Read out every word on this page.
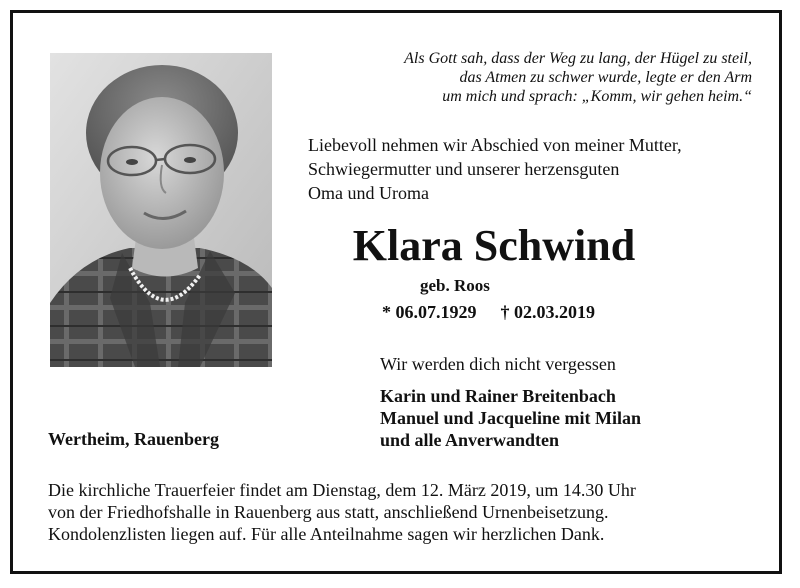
Als Gott sah, dass der Weg zu lang, der Hügel zu steil,
das Atmen zu schwer wurde, legte er den Arm
um mich und sprach: „Komm, wir gehen heim.“
Liebevoll nehmen wir Abschied von meiner Mutter,
Schwiegermutter und unserer herzensguten
Oma und Uroma
Klara Schwind
geb. Roos
* 06.07.1929 † 02.03.2019
Wir werden dich nicht vergessen
Karin und Rainer Breitenbach
Manuel und Jacqueline mit Milan
und alle Anverwandten
Wertheim, Rauenberg
Die kirchliche Trauerfeier findet am Dienstag, dem 12. März 2019, um 14.30 Uhr
von der Friedhofshalle in Rauenberg aus statt, anschließend Urnenbeisetzung.
Kondolenzlisten liegen auf. Für alle Anteilnahme sagen wir herzlichen Dank.
